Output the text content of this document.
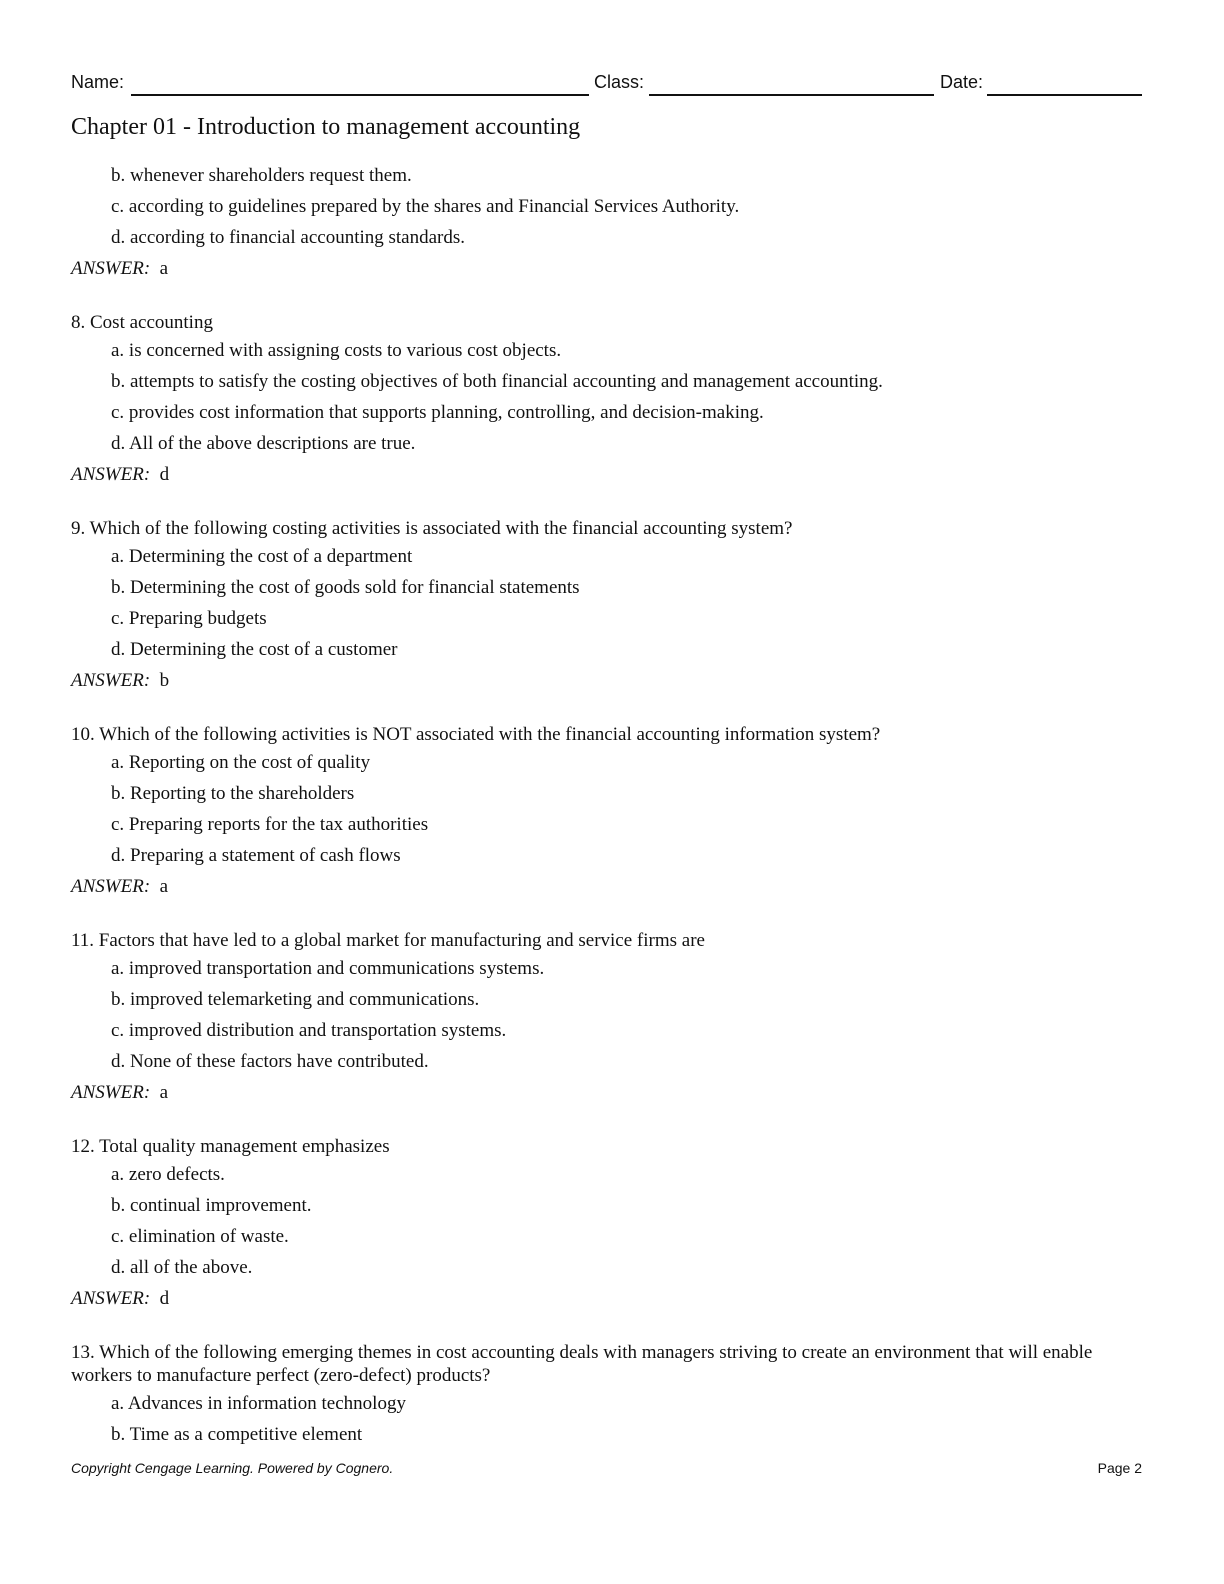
Name:	Class:	Date:
Chapter 01 - Introduction to management accounting
b. whenever shareholders request them.
c. according to guidelines prepared by the shares and Financial Services Authority.
d. according to financial accounting standards.
ANSWER: a
8. Cost accounting
a. is concerned with assigning costs to various cost objects.
b. attempts to satisfy the costing objectives of both financial accounting and management accounting.
c. provides cost information that supports planning, controlling, and decision-making.
d. All of the above descriptions are true.
ANSWER: d
9. Which of the following costing activities is associated with the financial accounting system?
a. Determining the cost of a department
b. Determining the cost of goods sold for financial statements
c. Preparing budgets
d. Determining the cost of a customer
ANSWER: b
10. Which of the following activities is NOT associated with the financial accounting information system?
a. Reporting on the cost of quality
b. Reporting to the shareholders
c. Preparing reports for the tax authorities
d. Preparing a statement of cash flows
ANSWER: a
11. Factors that have led to a global market for manufacturing and service firms are
a. improved transportation and communications systems.
b. improved telemarketing and communications.
c. improved distribution and transportation systems.
d. None of these factors have contributed.
ANSWER: a
12. Total quality management emphasizes
a. zero defects.
b. continual improvement.
c. elimination of waste.
d. all of the above.
ANSWER: d
13. Which of the following emerging themes in cost accounting deals with managers striving to create an environment that will enable workers to manufacture perfect (zero-defect) products?
a. Advances in information technology
b. Time as a competitive element
Copyright Cengage Learning. Powered by Cognero.	Page 2
